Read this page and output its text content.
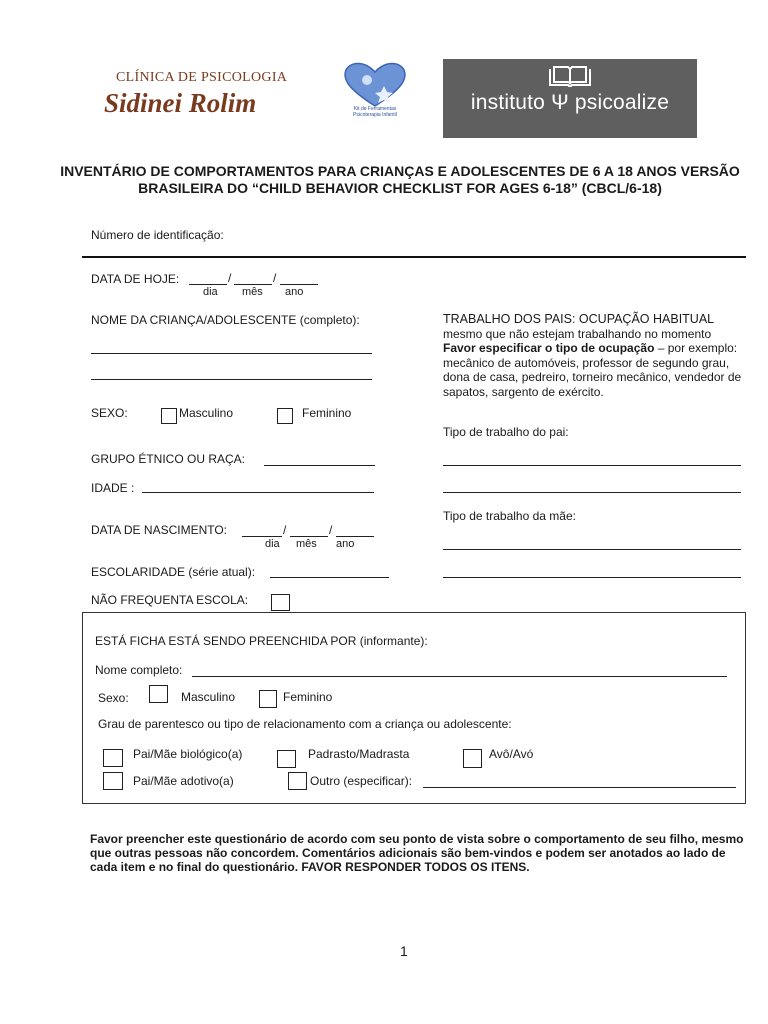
CLÍNICA DE PSICOLOGIA
Sidinei Rolim	Kit de Ferramentas Psicoterapia Infantil
instituto Ψ psicoalize
INVENTÁRIO DE COMPORTAMENTOS PARA CRIANÇAS E ADOLESCENTES DE 6 A 18 ANOS VERSÃO BRASILEIRA DO “CHILD BEHAVIOR CHECKLIST FOR AGES 6-18” (CBCL/6-18)
Número de identificação:
DATA DE HOJE:	/	/
dia mês ano
NOME DA CRIANÇA/ADOLESCENTE (completo):
SEXO:	Masculino	Feminino
GRUPO ÉTNICO OU RAÇA:
IDADE :
DATA DE NASCIMENTO:	/	/
dia mês ano
ESCOLARIDADE (série atual):
NÃO FREQUENTA ESCOLA:
TRABALHO DOS PAIS: OCUPAÇÃO HABITUAL
mesmo que não estejam trabalhando no momento
Favor especificar o tipo de ocupação – por exemplo: mecânico de automóveis, professor de segundo grau, dona de casa, pedreiro, torneiro mecânico, vendedor de sapatos, sargento de exército.
Tipo de trabalho do pai:
Tipo de trabalho da mãe:
ESTÁ FICHA ESTÁ SENDO PREENCHIDA POR (informante):
Nome completo:
Sexo:	Masculino	Feminino
Grau de parentesco ou tipo de relacionamento com a criança ou adolescente:
Pai/Mãe biológico(a)	Padrasto/Madrasta	Avô/Avó
Pai/Mãe adotivo(a)	Outro (especificar):
Favor preencher este questionário de acordo com seu ponto de vista sobre o comportamento de seu filho, mesmo que outras pessoas não concordem. Comentários adicionais são bem-vindos e podem ser anotados ao lado de cada item e no final do questionário. FAVOR RESPONDER TODOS OS ITENS.
1
